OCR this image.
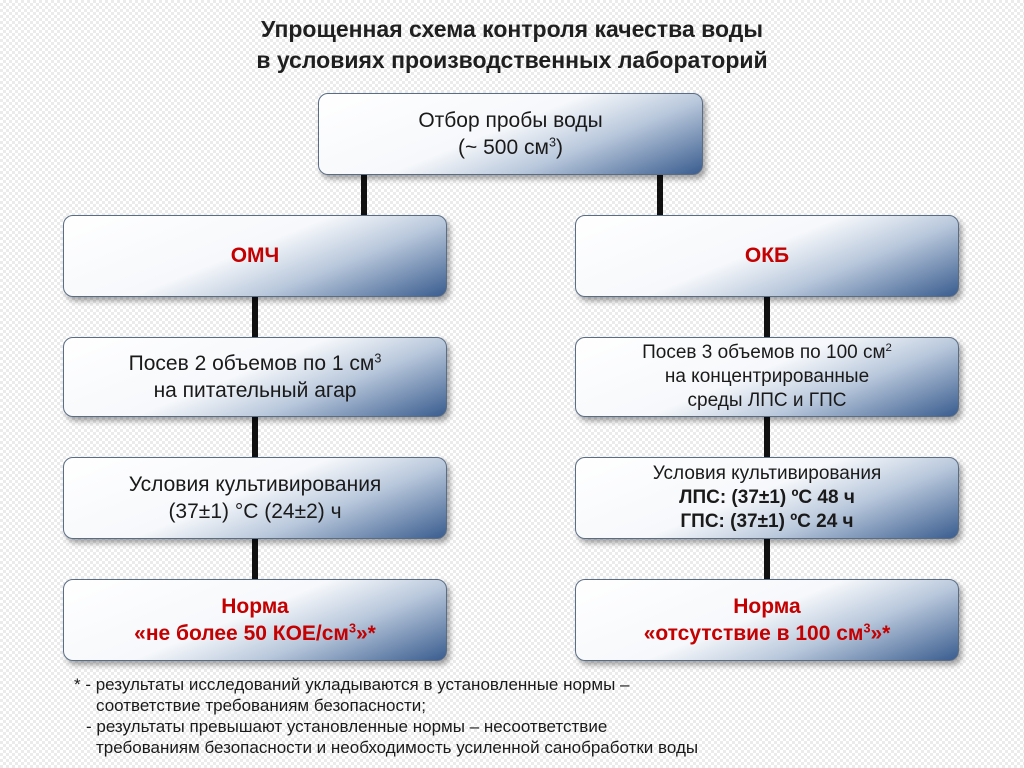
Упрощенная схема контроля качества воды
в условиях производственных лабораторий
Отбор пробы воды
(~ 500 $см^3$)
ОМЧ
Посев 2 объемов по 1 $см^3$
на питательный агар
Условия культивирования
(37±1) °С (24±2) ч
Норма
«не более 50 КОЕ/$см^3»*$
ОКБ
Посев 3 объемов по 100 $см^2$
на концентрированные
среды ЛПС и ГПС
Условия культивирования
ЛПС: (37±1) ºС 48 ч
ГПС: (37±1) ºС 24 ч
Норма
«отсутствие в 100 $см^3»*$
* - результаты исследований укладываются в установленные нормы –
соответствие требованиям безопасности;
- результаты превышают установленные нормы – несоответствие
требованиям безопасности и необходимость усиленной санобработки воды
